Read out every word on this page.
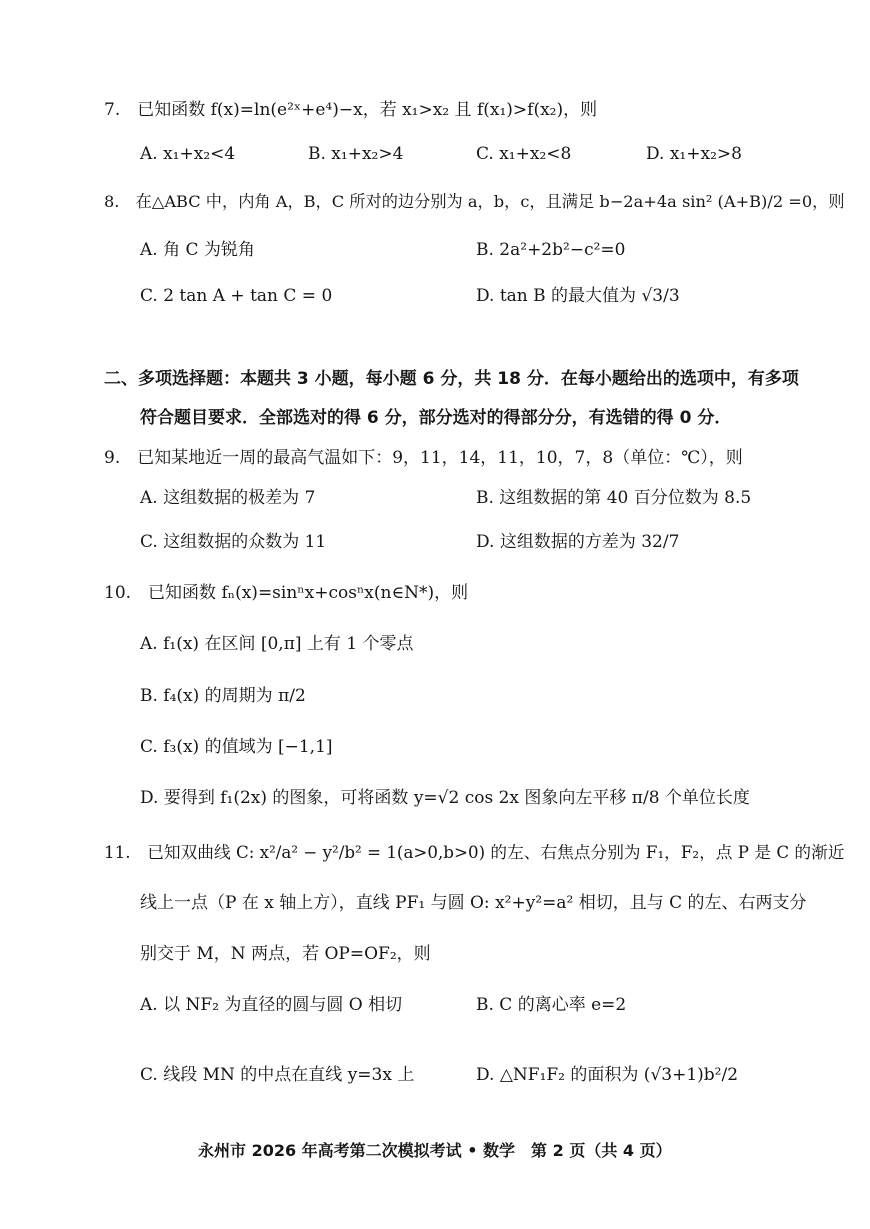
7.　已知函数 f(x)=ln(e²ˣ+e⁴)−x，若 x₁>x₂ 且 f(x₁)>f(x₂)，则
A. x₁+x₂<4	B. x₁+x₂>4	C. x₁+x₂<8	D. x₁+x₂>8
8.　在△ABC 中，内角 A，B，C 所对的边分别为 a，b，c，且满足 b−2a+4a sin² (A+B)/2 =0，则
A. 角 C 为锐角	B. 2a²+2b²−c²=0
C. 2 tan A + tan C = 0	D. tan B 的最大值为 √3/3
二、多项选择题：本题共 3 小题，每小题 6 分，共 18 分．在每小题给出的选项中，有多项
符合题目要求．全部选对的得 6 分，部分选对的得部分分，有选错的得 0 分．
9.　已知某地近一周的最高气温如下：9，11，14，11，10，7，8（单位：℃），则
A. 这组数据的极差为 7	B. 这组数据的第 40 百分位数为 8.5
C. 这组数据的众数为 11	D. 这组数据的方差为 32/7
10.　已知函数 fₙ(x)=sinⁿx+cosⁿx(n∈N*)，则
A. f₁(x) 在区间 [0,π] 上有 1 个零点
B. f₄(x) 的周期为 π/2
C. f₃(x) 的值域为 [−1,1]
D. 要得到 f₁(2x) 的图象，可将函数 y=√2 cos 2x 图象向左平移 π/8 个单位长度
11.　已知双曲线 C: x²/a² − y²/b² = 1(a>0,b>0) 的左、右焦点分别为 F₁，F₂，点 P 是 C 的渐近
线上一点（P 在 x 轴上方），直线 PF₁ 与圆 O: x²+y²=a² 相切，且与 C 的左、右两支分
别交于 M，N 两点，若 OP=OF₂，则
A. 以 NF₂ 为直径的圆与圆 O 相切	B. C 的离心率 e=2
C. 线段 MN 的中点在直线 y=3x 上	D. △NF₁F₂ 的面积为 (√3+1)b²/2
永州市 2026 年高考第二次模拟考试 • 数学　第 2 页（共 4 页）
